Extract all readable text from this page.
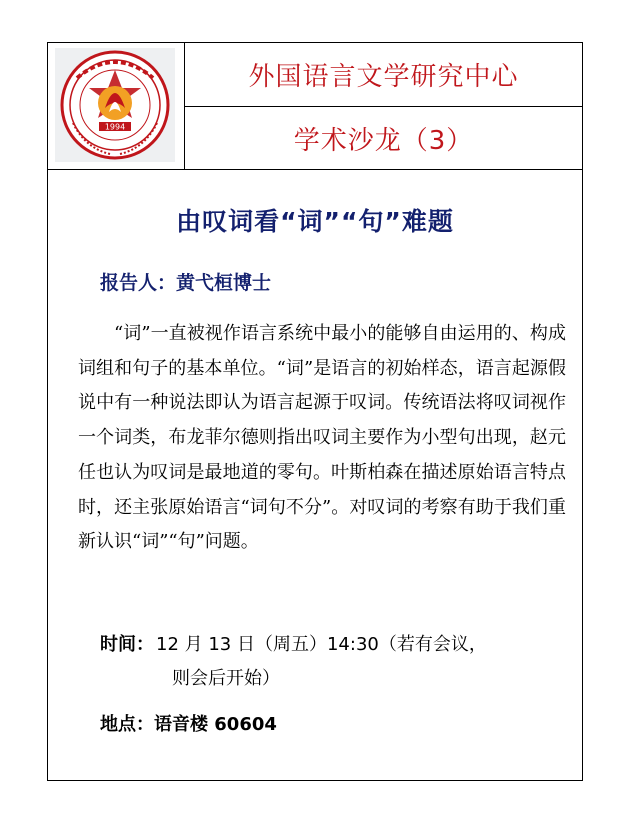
1994
外国语言文学研究中心
学术沙龙（3）
由叹词看“词”“句”难题
报告人：黄弋桓博士
“词”一直被视作语言系统中最小的能够自由运用的、构成词组和句子的基本单位。“词”是语言的初始样态，语言起源假说中有一种说法即认为语言起源于叹词。传统语法将叹词视作一个词类，布龙菲尔德则指出叹词主要作为小型句出现，赵元任也认为叹词是最地道的零句。叶斯柏森在描述原始语言特点时，还主张原始语言“词句不分”。对叹词的考察有助于我们重新认识“词”“句”问题。
时间： 12 月 13 日（周五）14:30（若有会议，
则会后开始）
地点：语音楼 60604
